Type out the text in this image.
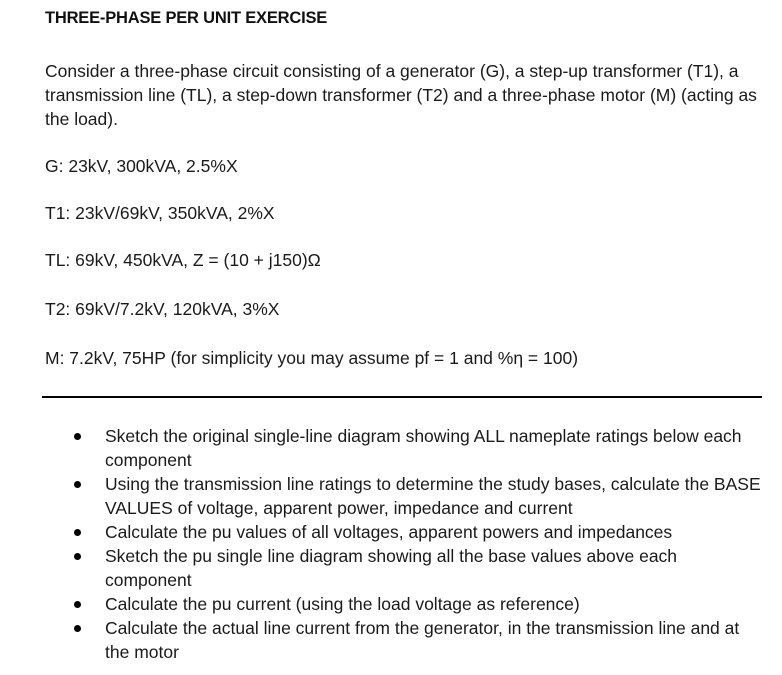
THREE-PHASE PER UNIT EXERCISE
Consider a three-phase circuit consisting of a generator (G), a step-up transformer (T1), a transmission line (TL), a step-down transformer (T2) and a three-phase motor (M) (acting as the load).
G: 23kV, 300kVA, 2.5%X
T1: 23kV/69kV, 350kVA, 2%X
TL: 69kV, 450kVA, Z = (10 + j150)Ω
T2: 69kV/7.2kV, 120kVA, 3%X
M: 7.2kV, 75HP (for simplicity you may assume pf = 1 and %η = 100)
Sketch the original single-line diagram showing ALL nameplate ratings below each component
Using the transmission line ratings to determine the study bases, calculate the BASE VALUES of voltage, apparent power, impedance and current
Calculate the pu values of all voltages, apparent powers and impedances
Sketch the pu single line diagram showing all the base values above each component
Calculate the pu current (using the load voltage as reference)
Calculate the actual line current from the generator, in the transmission line and at the motor
